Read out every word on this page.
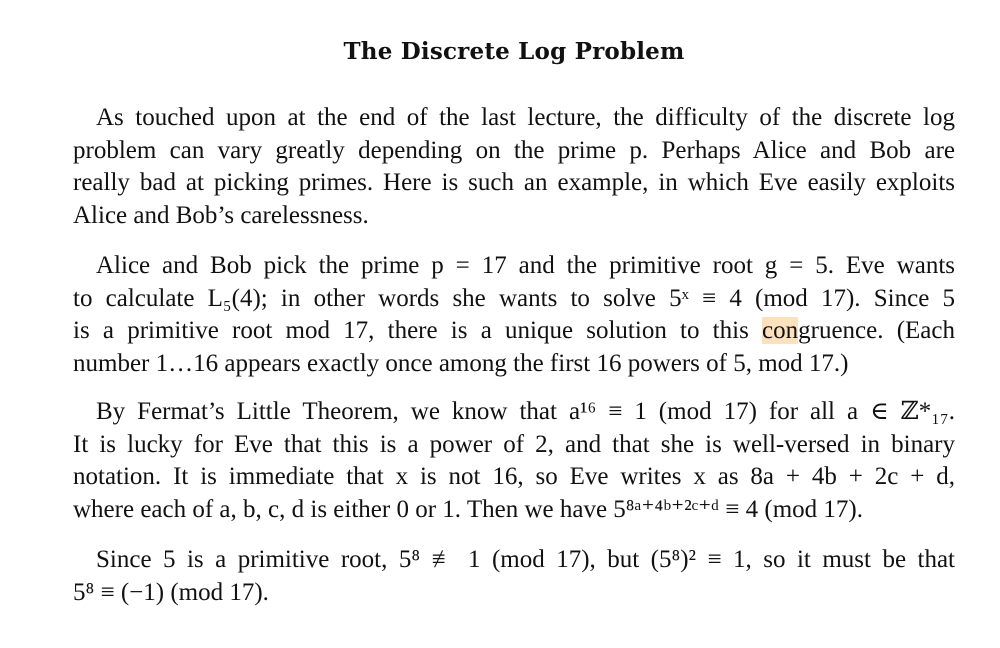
The Discrete Log Problem

As touched upon at the end of the last lecture, the difficulty of the discrete log
problem can vary greatly depending on the prime p. Perhaps Alice and Bob are
really bad at picking primes. Here is such an example, in which Eve easily exploits
Alice and Bob’s carelessness.

Alice and Bob pick the prime p = 17 and the primitive root g = 5. Eve wants
to calculate L₅(4); in other words she wants to solve 5ˣ ≡ 4 (mod 17). Since 5
is a primitive root mod 17, there is a unique solution to this congruence. (Each
number 1…16 appears exactly once among the first 16 powers of 5, mod 17.)

By Fermat’s Little Theorem, we know that a¹⁶ ≡ 1 (mod 17) for all a ∈ ℤ*₁₇.
It is lucky for Eve that this is a power of 2, and that she is well-versed in binary
notation. It is immediate that x is not 16, so Eve writes x as 8a + 4b + 2c + d,
where each of a, b, c, d is either 0 or 1. Then we have 5⁸ᵃ⁺⁴ᵇ⁺²ᶜ⁺ᵈ ≡ 4 (mod 17).

Since 5 is a primitive root, 5⁸ ≢ 1 (mod 17), but (5⁸)² ≡ 1, so it must be that
5⁸ ≡ (−1) (mod 17).
